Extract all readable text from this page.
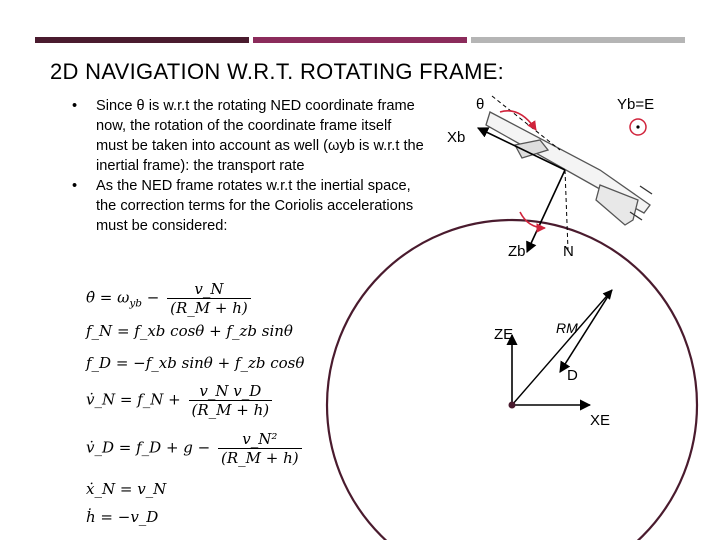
2D NAVIGATION W.R.T. ROTATING FRAME:
• Since θ is w.r.t the rotating NED coordinate frame now, the rotation of the coordinate frame itself must be taken into account as well (ωyb is w.r.t the inertial frame): the transport rate
• As the NED frame rotates w.r.t the inertial space, the correction terms for the Coriolis accelerations must be considered:
θ̇ = $\omega_{yb} - \frac{v\_N}{(R\_M + h)}$
f_N = f_xb cosθ + f_zb sinθ
f_D = −f_xb sinθ + f_zb cosθ
v̇_N = f_N + $\frac{\text{v\_N v\_D}}{(R\_M + h)}$
v̇_D = f_D + $g - \frac{\text{v\_N²}}{(R\_M + h)}$
ẋ_N = v_N
ḣ = −v_D
θ	Yb=E
Xb
Zb N
ZE	RM
D
XE
